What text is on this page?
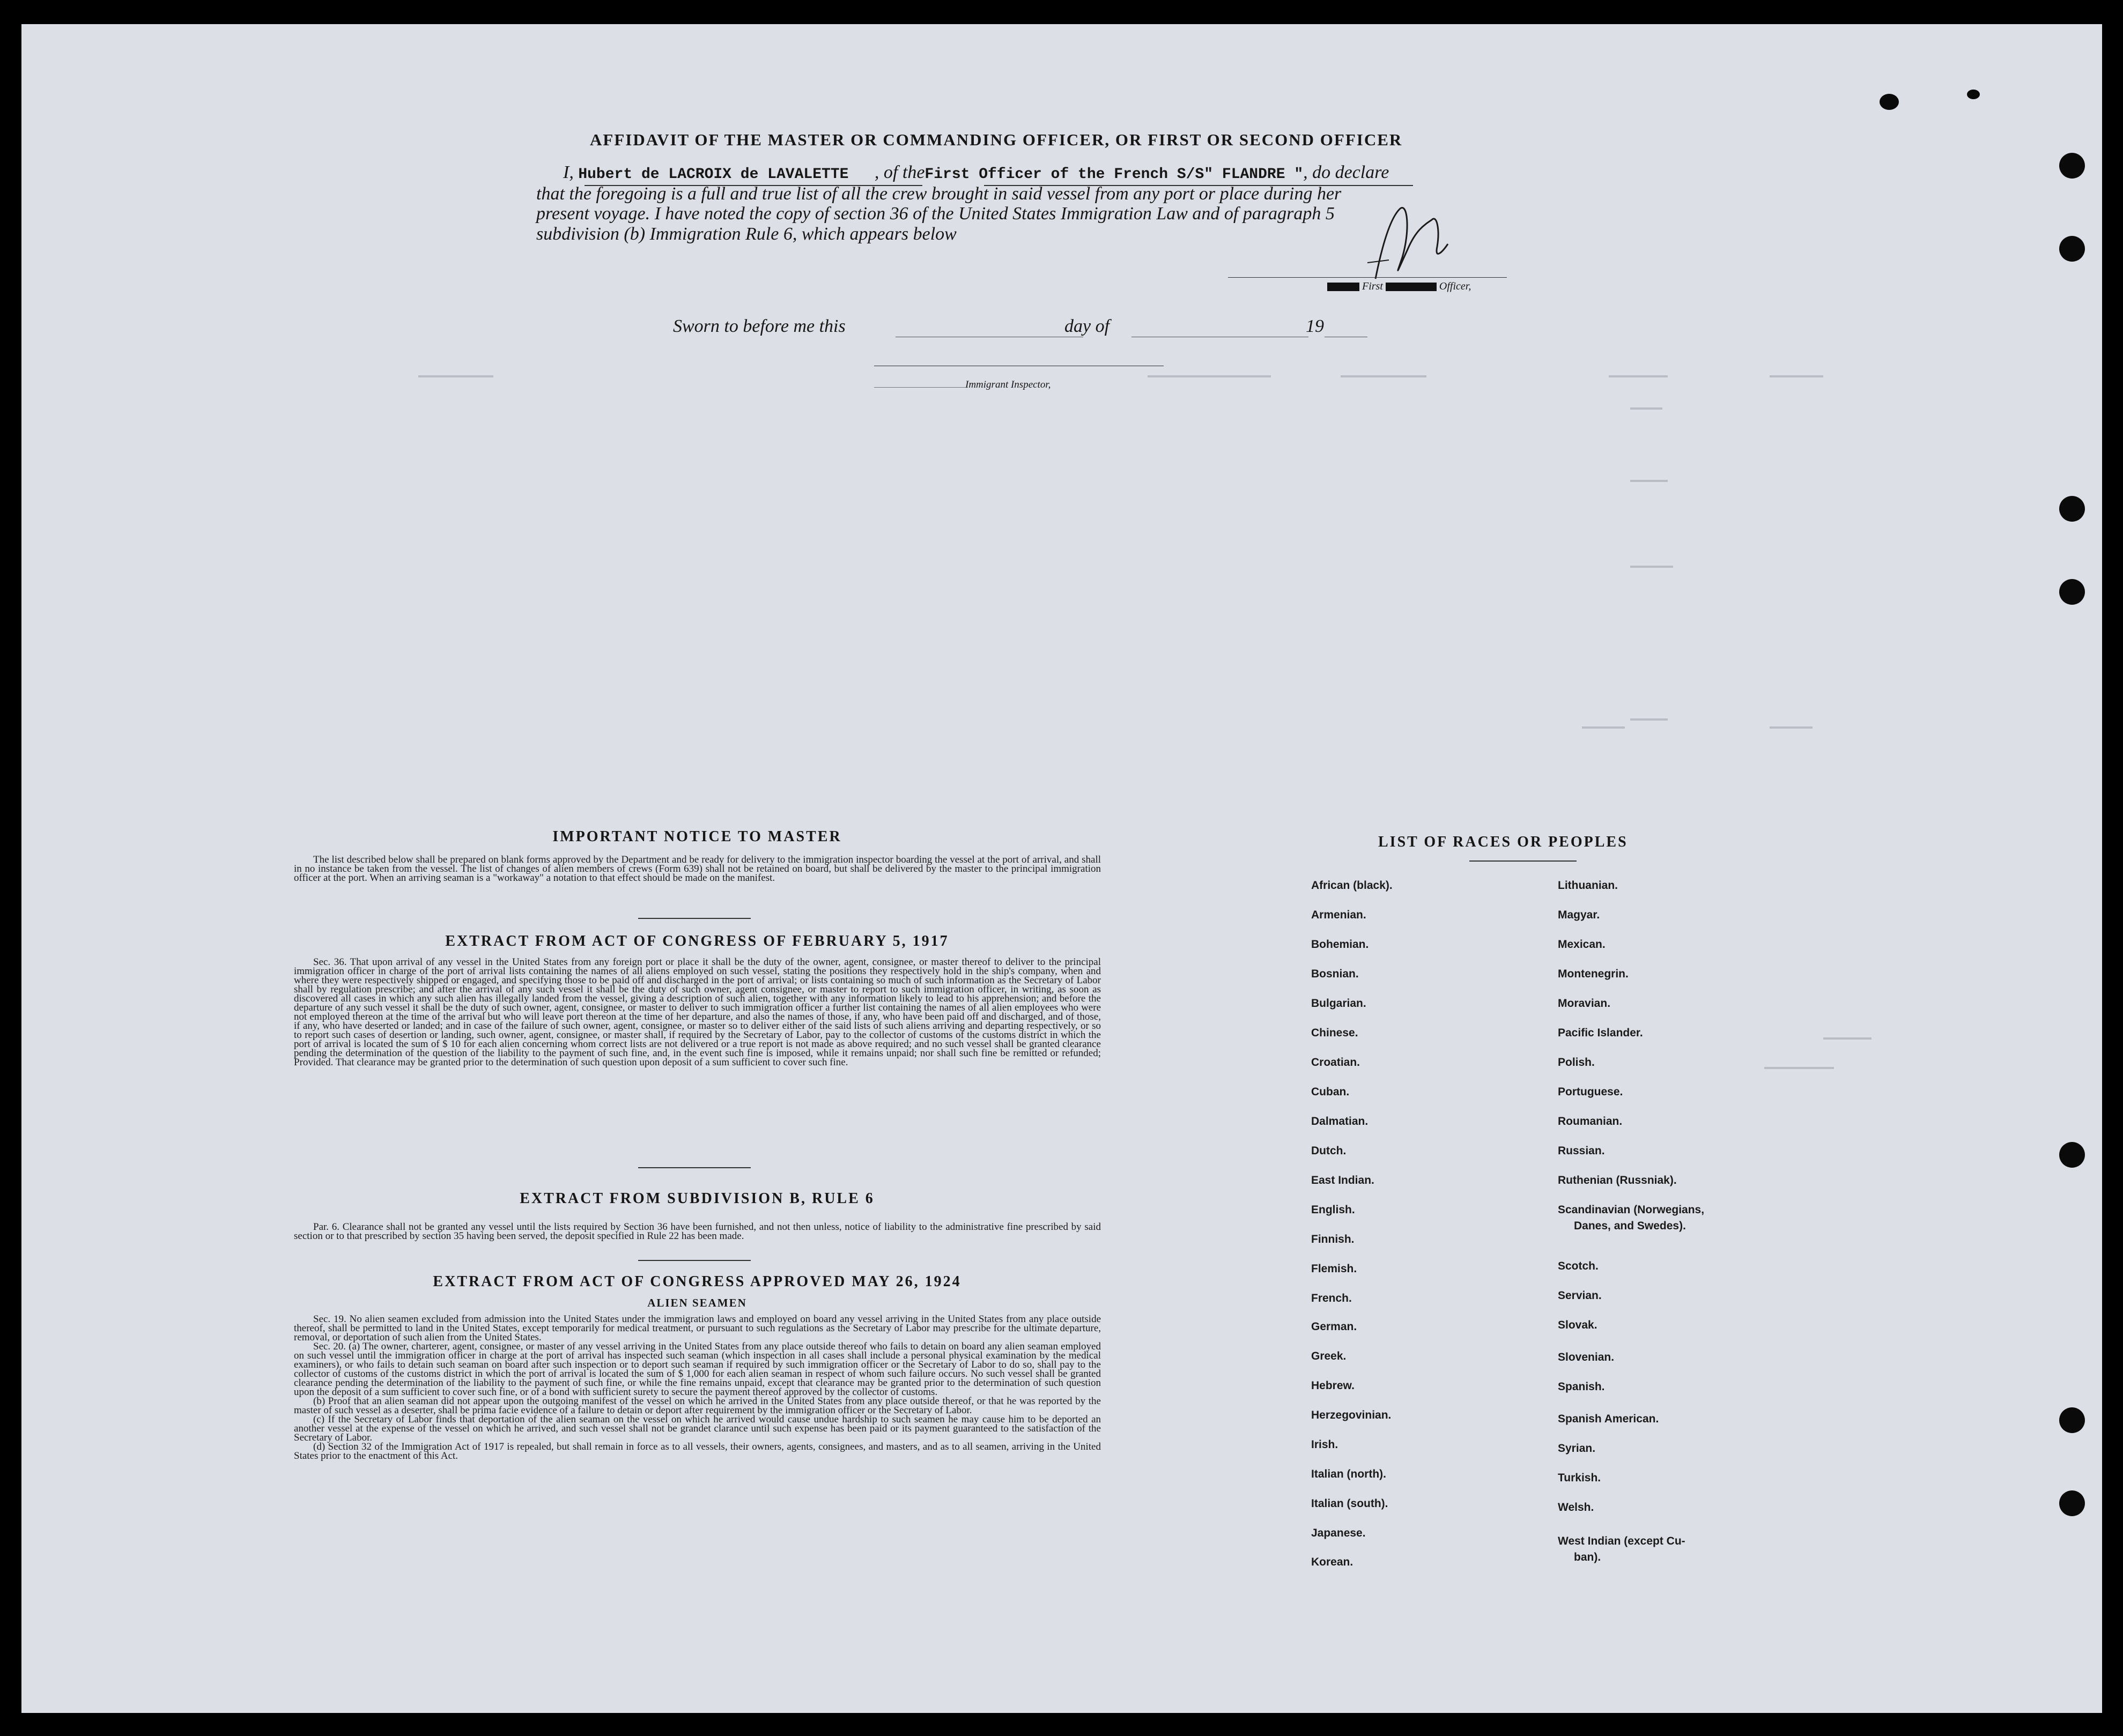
AFFIDAVIT OF THE MASTER OR COMMANDING OFFICER, OR FIRST OR SECOND OFFICER
I, Hubert de LACROIX de LAVALETTE , of theFirst Officer of the French S/S" FLANDRE ", do declare
that the foregoing is a full and true list of all the crew brought in said vessel from any port or place during her
present voyage. I have noted the copy of section 36 of the United States Immigration Law and of paragraph 5
subdivision (b) Immigration Rule 6, which appears below
First	Officer,
Sworn to before me this	day of	19
Immigrant Inspector,
IMPORTANT NOTICE TO MASTER

The list described below shall be prepared on blank forms approved by the Department and be ready for delivery to the immigration inspector boarding the vessel at the port of arrival, and shall in no instance be taken from the vessel. The list of changes of alien members of crews (Form 639) shall not be retained on board, but shall be delivered by the master to the principal immigration officer at the port. When an arriving seaman is a "workaway" a notation to that effect should be made on the manifest.

EXTRACT FROM ACT OF CONGRESS OF FEBRUARY 5, 1917

Sec. 36. That upon arrival of any vessel in the United States from any foreign port or place it shall be the duty of the owner, agent, consignee, or master thereof to deliver to the principal immigration officer in charge of the port of arrival lists containing the names of all aliens employed on such vessel, stating the positions they respectively hold in the ship's company, when and where they were respectively shipped or engaged, and specifying those to be paid off and discharged in the port of arrival; or lists containing so much of such information as the Secretary of Labor shall by regulation prescribe; and after the arrival of any such vessel it shall be the duty of such owner, agent consignee, or master to report to such immigration officer, in writing, as soon as discovered all cases in which any such alien has illegally landed from the vessel, giving a description of such alien, together with any information likely to lead to his apprehension; and before the departure of any such vessel it shall be the duty of such owner, agent, consignee, or master to deliver to such immigration officer a further list containing the names of all alien employees who were not employed thereon at the time of the arrival but who will leave port thereon at the time of her departure, and also the names of those, if any, who have been paid off and discharged, and of those, if any, who have deserted or landed; and in case of the failure of such owner, agent, consignee, or master so to deliver either of the said lists of such aliens arriving and departing respectively, or so to report such cases of desertion or landing, such owner, agent, consignee, or master shall, if required by the Secretary of Labor, pay to the collector of customs of the customs district in which the port of arrival is located the sum of $ 10 for each alien concerning whom correct lists are not delivered or a true report is not made as above required; and no such vessel shall be granted clearance pending the determination of the question of the liability to the payment of such fine, and, in the event such fine is imposed, while it remains unpaid; nor shall such fine be remitted or refunded; Provided. That clearance may be granted prior to the determination of such question upon deposit of a sum sufficient to cover such fine.

EXTRACT FROM SUBDIVISION B, RULE 6

Par. 6. Clearance shall not be granted any vessel until the lists required by Section 36 have been furnished, and not then unless, notice of liability to the administrative fine prescribed by said section or to that prescribed by section 35 having been served, the deposit specified in Rule 22 has been made.

EXTRACT FROM ACT OF CONGRESS APPROVED MAY 26, 1924
ALIEN SEAMEN

Sec. 19. No alien seamen excluded from admission into the United States under the immigration laws and employed on board any vessel arriving in the United States from any place outside thereof, shall be permitted to land in the United States, except temporarily for medical treatment, or pursuant to such regulations as the Secretary of Labor may prescribe for the ultimate departure, removal, or deportation of such alien from the United States.

Sec. 20. (a) The owner, charterer, agent, consignee, or master of any vessel arriving in the United States from any place outside thereof who fails to detain on board any alien seaman employed on such vessel until the immigration officer in charge at the port of arrival has inspected such seaman (which inspection in all cases shall include a personal physical examination by the medical examiners), or who fails to detain such seaman on board after such inspection or to deport such seaman if required by such immigration officer or the Secretary of Labor to do so, shall pay to the collector of customs of the customs district in which the port of arrival is located the sum of $ 1,000 for each alien seaman in respect of whom such failure occurs. No such vessel shall be granted clearance pending the determination of the liability to the payment of such fine, or while the fine remains unpaid, except that clearance may be granted prior to the determination of such question upon the deposit of a sum sufficient to cover such fine, or of a bond with sufficient surety to secure the payment thereof approved by the collector of customs.

(b) Proof that an alien seaman did not appear upon the outgoing manifest of the vessel on which he arrived in the United States from any place outside thereof, or that he was reported by the master of such vessel as a deserter, shall be prima facie evidence of a failure to detain or deport after requirement by the immigration officer or the Secretary of Labor.

(c) If the Secretary of Labor finds that deportation of the alien seaman on the vessel on which he arrived would cause undue hardship to such seamen he may cause him to be deported an another vessel at the expense of the vessel on which he arrived, and such vessel shall not be grandet clarance until such expense has been paid or its payment guaranteed to the satisfaction of the Secretary of Labor.

(d) Section 32 of the Immigration Act of 1917 is repealed, but shall remain in force as to all vessels, their owners, agents, consignees, and masters, and as to all seamen, arriving in the United States prior to the enactment of this Act.

LIST OF RACES OR PEOPLES
African (black).
Armenian.
Bohemian.
Bosnian.
Bulgarian.
Chinese.
Croatian.
Cuban.
Dalmatian.
Dutch.
East Indian.
English.
Finnish.
Flemish.
French.
German.
Greek.
Hebrew.
Herzegovinian.
Irish.
Italian (north).
Italian (south).
Japanese.
Korean.
Lithuanian.
Magyar.
Mexican.
Montenegrin.
Moravian.
Pacific Islander.
Polish.
Portuguese.
Roumanian.
Russian.
Ruthenian (Russniak).
Scandinavian (Norwegians,
Danes, and Swedes).
Scotch.
Servian.
Slovak.
Slovenian.
Spanish.
Spanish American.
Syrian.
Turkish.
Welsh.
West Indian (except Cu-
ban).
